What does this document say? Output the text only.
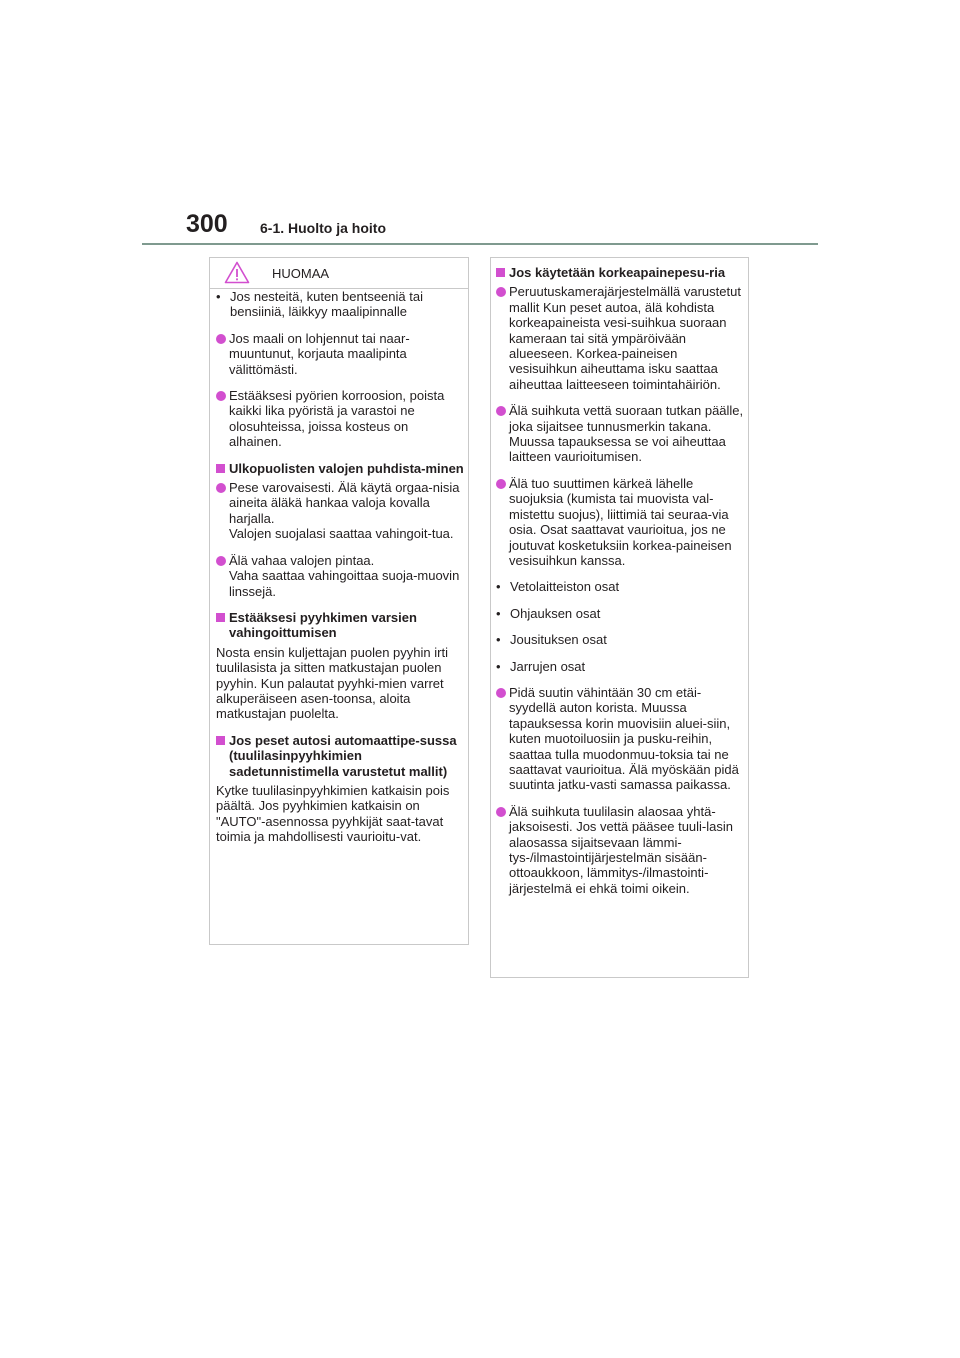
300 6-1. Huolto ja hoito
HUOMAA
• Jos nesteitä, kuten bentseeniä tai bensiiniä, läikkyy maalipinnalle
Jos maali on lohjennut tai naar-muuntunut, korjauta maalipinta välittömästi.
Estääksesi pyörien korroosion, poista kaikki lika pyöristä ja varastoi ne olosuhteissa, joissa kosteus on alhainen.
Ulkopuolisten valojen puhdista-minen
Pese varovaisesti. Älä käytä orgaa-nisia aineita äläkä hankaa valoja kovalla harjalla.
Valojen suojalasi saattaa vahingoit-tua.
Älä vahaa valojen pintaa.
Vaha saattaa vahingoittaa suoja-muovin linssejä.
Estääksesi pyyhkimen varsien vahingoittumisen
Nosta ensin kuljettajan puolen pyyhin irti tuulilasista ja sitten matkustajan puolen pyyhin. Kun palautat pyyhki-mien varret alkuperäiseen asen-toonsa, aloita matkustajan puolelta.
Jos peset autosi automaattipe-sussa (tuulilasinpyyhkimien sadetunnistimella varustetut mallit)
Kytke tuulilasinpyyhkimien katkaisin pois päältä. Jos pyyhkimien katkaisin on "AUTO"-asennossa pyyhkijät saat-tavat toimia ja mahdollisesti vaurioitu-vat.
Jos käytetään korkeapainepesu-ria
Peruutuskamerajärjestelmällä varustetut mallit Kun peset autoa, älä kohdista korkeapaineista vesi-suihkua suoraan kameraan tai sitä ympäröivään alueeseen. Korkea-paineisen vesisuihkun aiheuttama isku saattaa aiheuttaa laitteeseen toimintahäiriön.
Älä suihkuta vettä suoraan tutkan päälle, joka sijaitsee tunnusmerkin takana. Muussa tapauksessa se voi aiheuttaa laitteen vaurioitumisen.
Älä tuo suuttimen kärkeä lähelle suojuksia (kumista tai muovista val-mistettu suojus), liittimiä tai seuraa-via osia. Osat saattavat vaurioitua, jos ne joutuvat kosketuksiin korkea-paineisen vesisuihkun kanssa.
• Vetolaitteiston osat
• Ohjauksen osat
• Jousituksen osat
• Jarrujen osat
Pidä suutin vähintään 30 cm etäi-syydellä auton korista. Muussa tapauksessa korin muovisiin aluei-siin, kuten muotoiluosiin ja pusku-reihin, saattaa tulla muodonmuu-toksia tai ne saattavat vaurioitua. Älä myöskään pidä suutinta jatku-vasti samassa paikassa.
Älä suihkuta tuulilasin alaosaa yhtä-jaksoisesti. Jos vettä pääsee tuuli-lasin alaosassa sijaitsevaan lämmi-tys-/ilmastointijärjestelmän sisään-ottoaukkoon, lämmitys-/ilmastointi-järjestelmä ei ehkä toimi oikein.
